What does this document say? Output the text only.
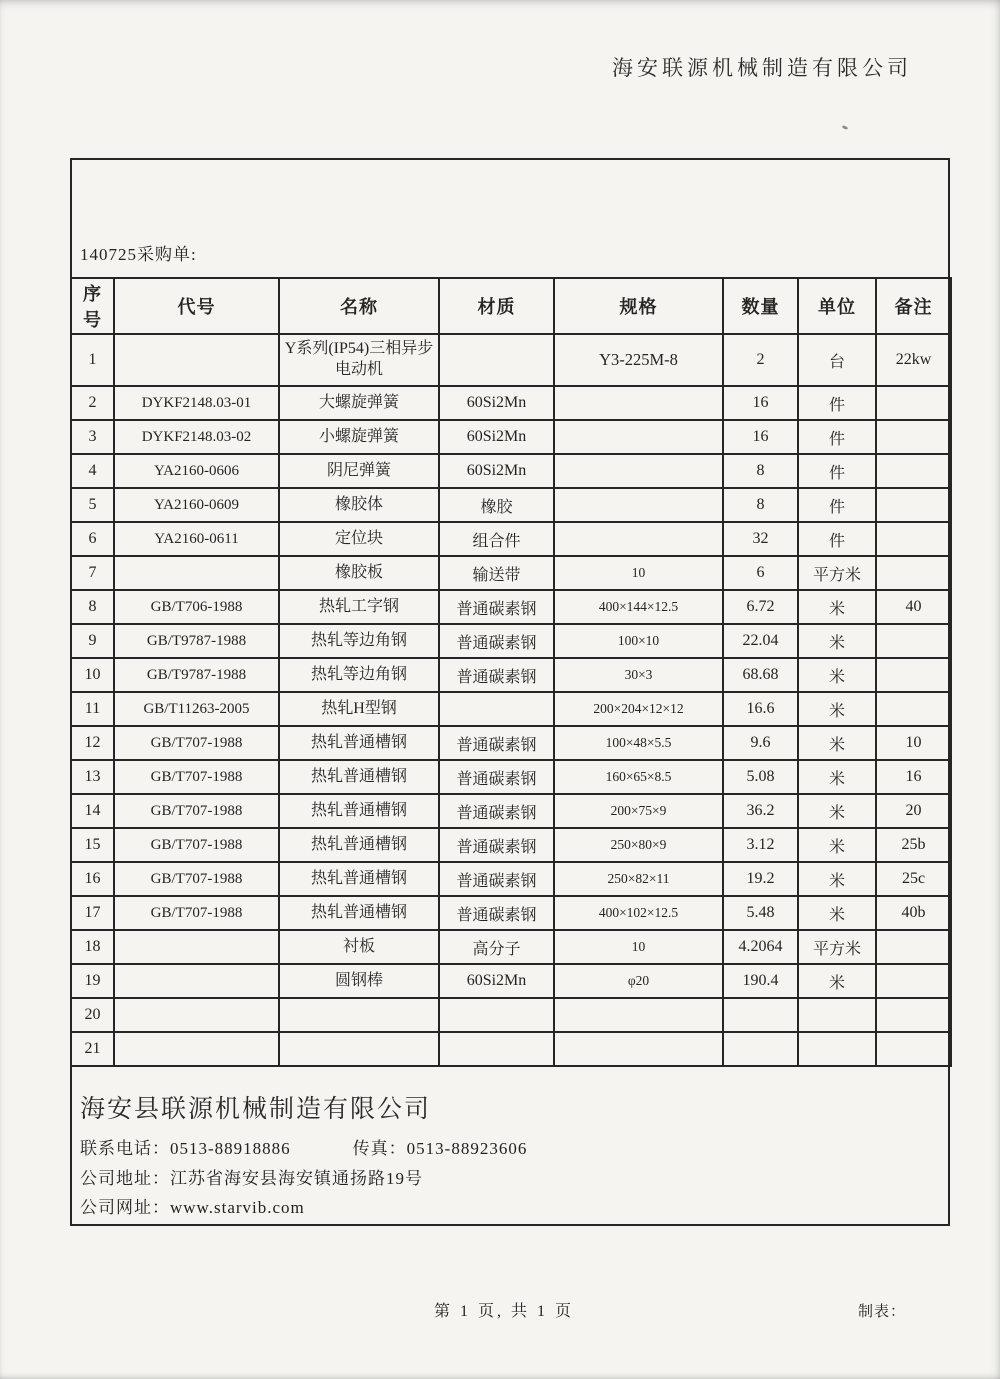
海安联源机械制造有限公司
140725采购单:
序号	代号	名称	材质	规格	数量	单位	备注
1		Y系列(IP54)三相异步电动机		Y3-225M-8	2	台	22kw
2	DYKF2148.03-01	大螺旋弹簧	60Si2Mn		16	件	
3	DYKF2148.03-02	小螺旋弹簧	60Si2Mn		16	件	
4	YA2160-0606	阴尼弹簧	60Si2Mn		8	件	
5	YA2160-0609	橡胶体	橡胶		8	件	
6	YA2160-0611	定位块	组合件		32	件	
7		橡胶板	输送带	10	6	平方米	
8	GB/T706-1988	热轧工字钢	普通碳素钢	400×144×12.5	6.72	米	40
9	GB/T9787-1988	热轧等边角钢	普通碳素钢	100×10	22.04	米	
10	GB/T9787-1988	热轧等边角钢	普通碳素钢	30×3	68.68	米	
11	GB/T11263-2005	热轧H型钢		200×204×12×12	16.6	米	
12	GB/T707-1988	热轧普通槽钢	普通碳素钢	100×48×5.5	9.6	米	10
13	GB/T707-1988	热轧普通槽钢	普通碳素钢	160×65×8.5	5.08	米	16
14	GB/T707-1988	热轧普通槽钢	普通碳素钢	200×75×9	36.2	米	20
15	GB/T707-1988	热轧普通槽钢	普通碳素钢	250×80×9	3.12	米	25b
16	GB/T707-1988	热轧普通槽钢	普通碳素钢	250×82×11	19.2	米	25c
17	GB/T707-1988	热轧普通槽钢	普通碳素钢	400×102×12.5	5.48	米	40b
18		衬板	高分子	10	4.2064	平方米	
19		圆钢棒	60Si2Mn	φ20	190.4	米	
20							
21							
海安县联源机械制造有限公司
联系电话：0513-88918886	传真：0513-88923606
公司地址：江苏省海安县海安镇通扬路19号
公司网址：www.starvib.com
第 1 页, 共 1 页	制表：
